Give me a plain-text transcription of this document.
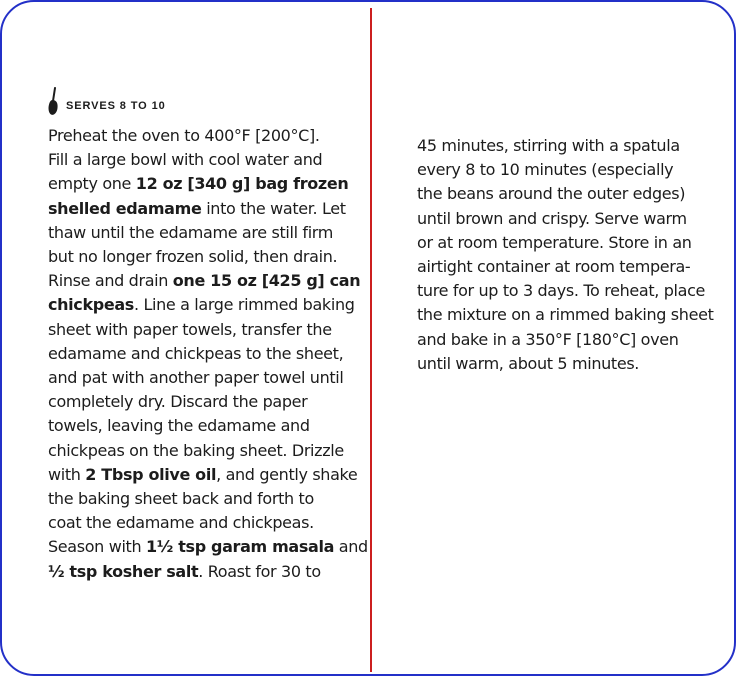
SERVES 8 TO 10
Preheat the oven to 400°F [200°C].
Fill a large bowl with cool water and
empty one 12 oz [340 g] bag frozen
shelled edamame into the water. Let
thaw until the edamame are still firm
but no longer frozen solid, then drain.
Rinse and drain one 15 oz [425 g] can
chickpeas. Line a large rimmed baking
sheet with paper towels, transfer the
edamame and chickpeas to the sheet,
and pat with another paper towel until
completely dry. Discard the paper
towels, leaving the edamame and
chickpeas on the baking sheet. Drizzle
with 2 Tbsp olive oil, and gently shake
the baking sheet back and forth to
coat the edamame and chickpeas.
Season with 1½ tsp garam masala and
½ tsp kosher salt. Roast for 30 to
45 minutes, stirring with a spatula
every 8 to 10 minutes (especially
the beans around the outer edges)
until brown and crispy. Serve warm
or at room temperature. Store in an
airtight container at room tempera-
ture for up to 3 days. To reheat, place
the mixture on a rimmed baking sheet
and bake in a 350°F [180°C] oven
until warm, about 5 minutes.
